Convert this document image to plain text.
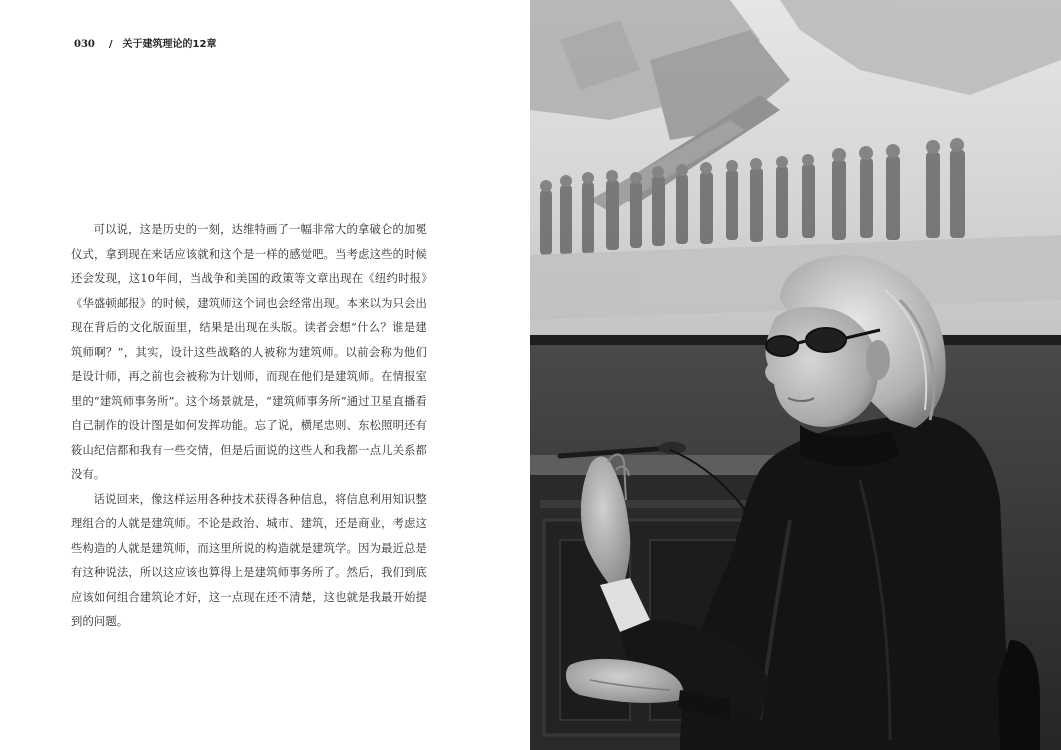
030 / 关于建筑理论的12章

可以说，这是历史的一刻，达维特画了一幅非常大的拿破仑的加冕仪式，拿到现在来话应该就和这个是一样的感觉吧。当考虑这些的时候还会发现，这10年间，当战争和美国的政策等文章出现在《纽约时报》《华盛顿邮报》的时候，建筑师这个词也会经常出现。本来以为只会出现在背后的文化版面里，结果是出现在头版。读者会想“什么？谁是建筑师啊？”，其实，设计这些战略的人被称为建筑师。以前会称为他们是设计师，再之前也会被称为计划师，而现在他们是建筑师。在情报室里的“建筑师事务所”。这个场景就是，“建筑师事务所”通过卫星直播看自己制作的设计图是如何发挥功能。忘了说，横尾忠则、东松照明还有筱山纪信都和我有一些交情，但是后面说的这些人和我都一点儿关系都没有。

话说回来，像这样运用各种技术获得各种信息，将信息利用知识整理组合的人就是建筑师。不论是政治、城市、建筑，还是商业，考虑这些构造的人就是建筑师，而这里所说的构造就是建筑学。因为最近总是有这种说法，所以这应该也算得上是建筑师事务所了。然后，我们到底应该如何组合建筑论才好，这一点现在还不清楚，这也就是我最开始提到的问题。
